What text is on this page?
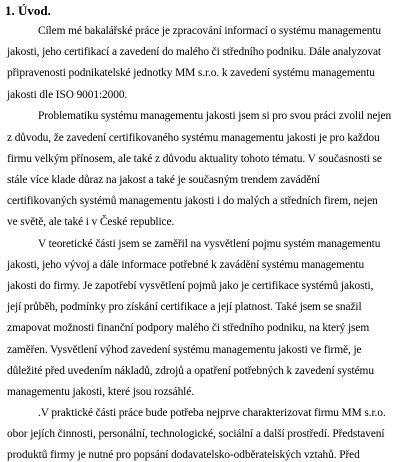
1. Úvod.
Cílem mé bakalářské práce je zpracování informací o systému managementu
jakosti, jeho certifikací a zavedení do malého či středního podniku. Dále analyzovat
připravenosti podnikatelské jednotky MM s.r.o. k zavedení systému managementu
jakosti dle ISO 9001:2000.
Problematiku systému managementu jakosti jsem si pro svou práci zvolil nejen
z důvodu, že zavedení certifikovaného systému managementu jakosti je pro každou
firmu velkým přínosem, ale také z důvodu aktuality tohoto tématu. V současnosti se
stále více klade důraz na jakost a také je současným trendem zavádění
certifikovaných systémů managementu jakosti i do malých a středních firem, nejen
ve světě, ale také i v České republice.
V teoretické části jsem se zaměřil na vysvětlení pojmu systém managementu
jakosti, jeho vývoj a dále informace potřebné k zavádění systému managementu
jakosti do firmy. Je zapotřebí vysvětlení pojmů jako je certifikace systémů jakosti,
její průběh, podmínky pro získání certifikace a její platnost. Také jsem se snažil
zmapovat možnosti finanční podpory malého či středního podniku, na který jsem
zaměřen. Vysvětlení výhod zavedení systému managementu jakosti ve firmě, je
důležité před uvedením nákladů, zdrojů a opatření potřebných k zavedení systému
managementu jakosti, které jsou rozsáhlé.
.V praktické části práce bude potřeba nejprve charakterizovat firmu MM s.r.o.
obor jejích činnosti, personální, technologické, sociální a další prostředí. Představení
produktů firmy je nutné pro popsání dodavatelsko-odběratelských vztahů. Před
